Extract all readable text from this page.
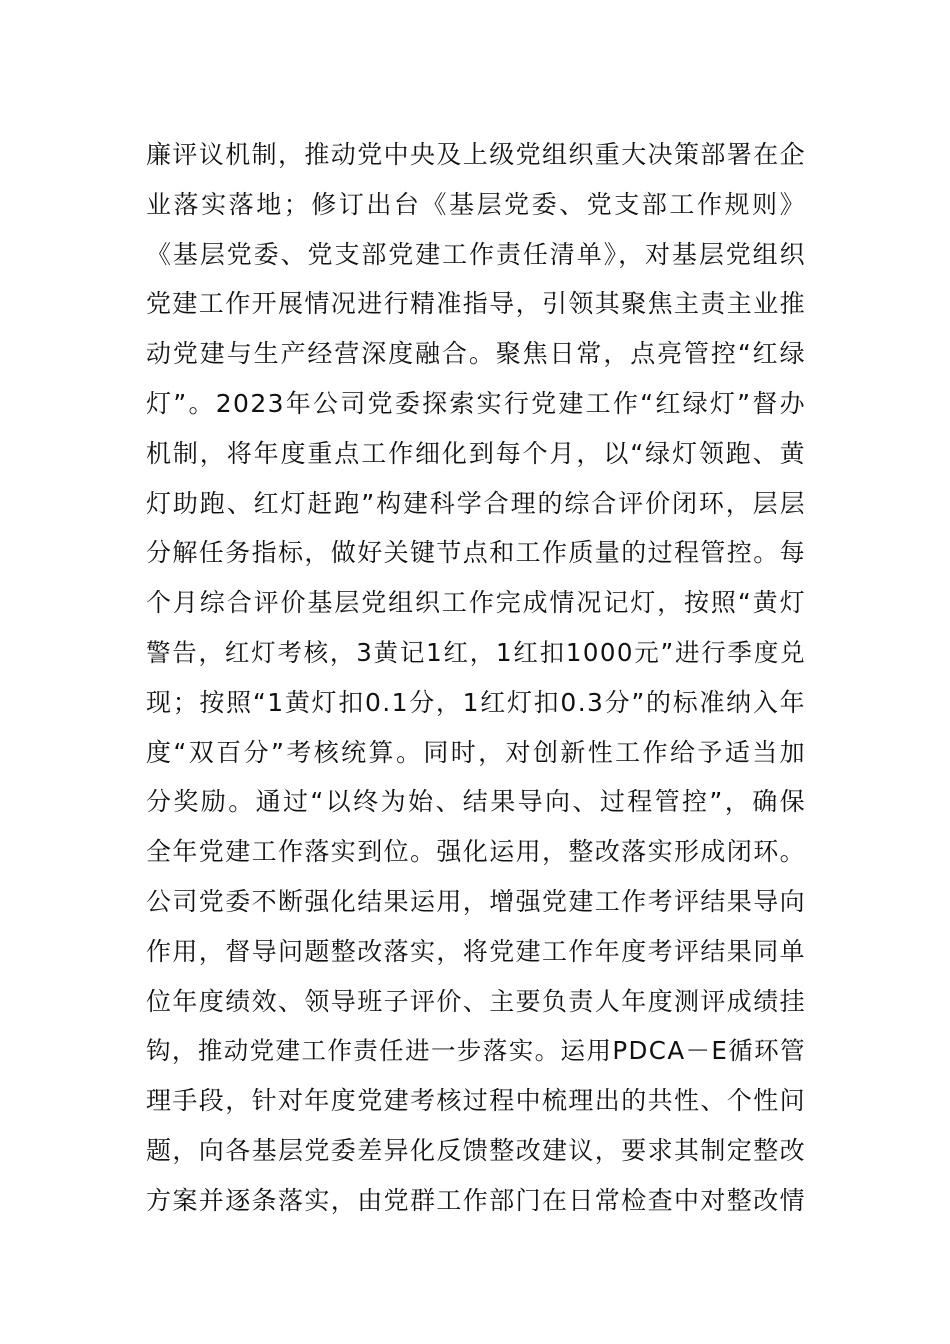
廉评议机制，推动党中央及上级党组织重大决策部署在企
业落实落地；修订出台《基层党委、党支部工作规则》
《基层党委、党支部党建工作责任清单》，对基层党组织
党建工作开展情况进行精准指导，引领其聚焦主责主业推
动党建与生产经营深度融合。聚焦日常，点亮管控“红绿
灯”。2023年公司党委探索实行党建工作“红绿灯”督办
机制，将年度重点工作细化到每个月，以“绿灯领跑、黄
灯助跑、红灯赶跑”构建科学合理的综合评价闭环，层层
分解任务指标，做好关键节点和工作质量的过程管控。每
个月综合评价基层党组织工作完成情况记灯，按照“黄灯
警告，红灯考核，3黄记1红，1红扣1000元”进行季度兑
现；按照“1黄灯扣0.1分，1红灯扣0.3分”的标准纳入年
度“双百分”考核统算。同时，对创新性工作给予适当加
分奖励。通过“以终为始、结果导向、过程管控”，确保
全年党建工作落实到位。强化运用，整改落实形成闭环。
公司党委不断强化结果运用，增强党建工作考评结果导向
作用，督导问题整改落实，将党建工作年度考评结果同单
位年度绩效、领导班子评价、主要负责人年度测评成绩挂
钩，推动党建工作责任进一步落实。运用PDCA－E循环管
理手段，针对年度党建考核过程中梳理出的共性、个性问
题，向各基层党委差异化反馈整改建议，要求其制定整改
方案并逐条落实，由党群工作部门在日常检查中对整改情
